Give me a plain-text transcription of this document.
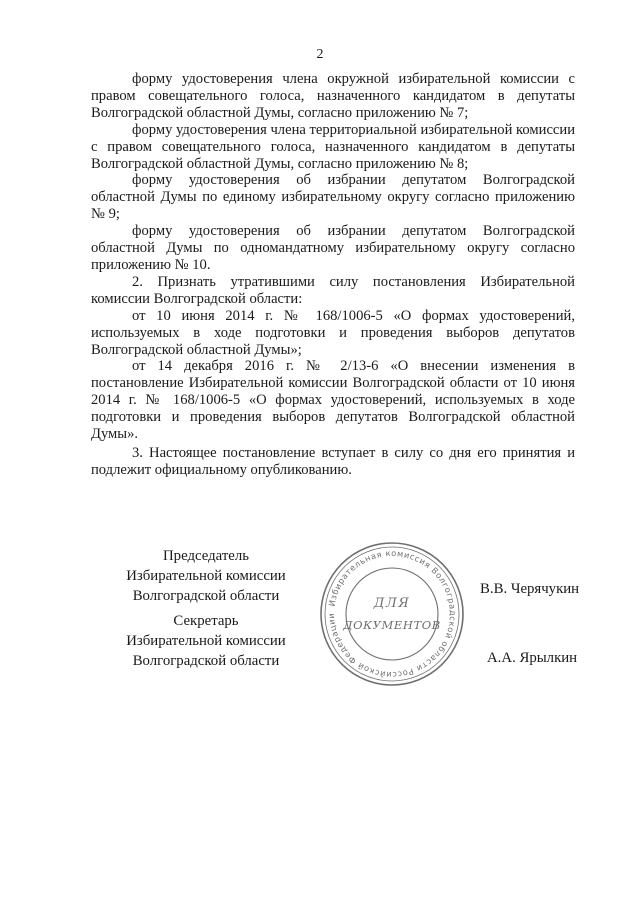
2

форму удостоверения члена окружной избирательной комиссии с правом совещательного голоса, назначенного кандидатом в депутаты Волгоградской областной Думы, согласно приложению № 7;

форму удостоверения члена территориальной избирательной комиссии с правом совещательного голоса, назначенного кандидатом в депутаты Волгоградской областной Думы, согласно приложению № 8;

форму удостоверения об избрании депутатом Волгоградской областной Думы по единому избирательному округу согласно приложению № 9;

форму удостоверения об избрании депутатом Волгоградской областной Думы по одномандатному избирательному округу согласно приложению № 10.

2. Признать утратившими силу постановления Избирательной комиссии Волгоградской области:

от 10 июня 2014 г. № 168/1006-5 «О формах удостоверений, используемых в ходе подготовки и проведения выборов депутатов Волгоградской областной Думы»;

от 14 декабря 2016 г. № 2/13-6 «О внесении изменения в постановление Избирательной комиссии Волгоградской области от 10 июня 2014 г. № 168/1006-5 «О формах удостоверений, используемых в ходе подготовки и проведения выборов депутатов Волгоградской областной Думы».

3. Настоящее постановление вступает в силу со дня его принятия и подлежит официальному опубликованию.

Председатель
Избирательной комиссии
Волгоградской области	В.В. Черячукин
Секретарь
Избирательной комиссии
Волгоградской области	А.А. Ярылкин
Избирательная комиссия Волгоградской области Российской Федерации
ДЛЯ
ДОКУМЕНТОВ
